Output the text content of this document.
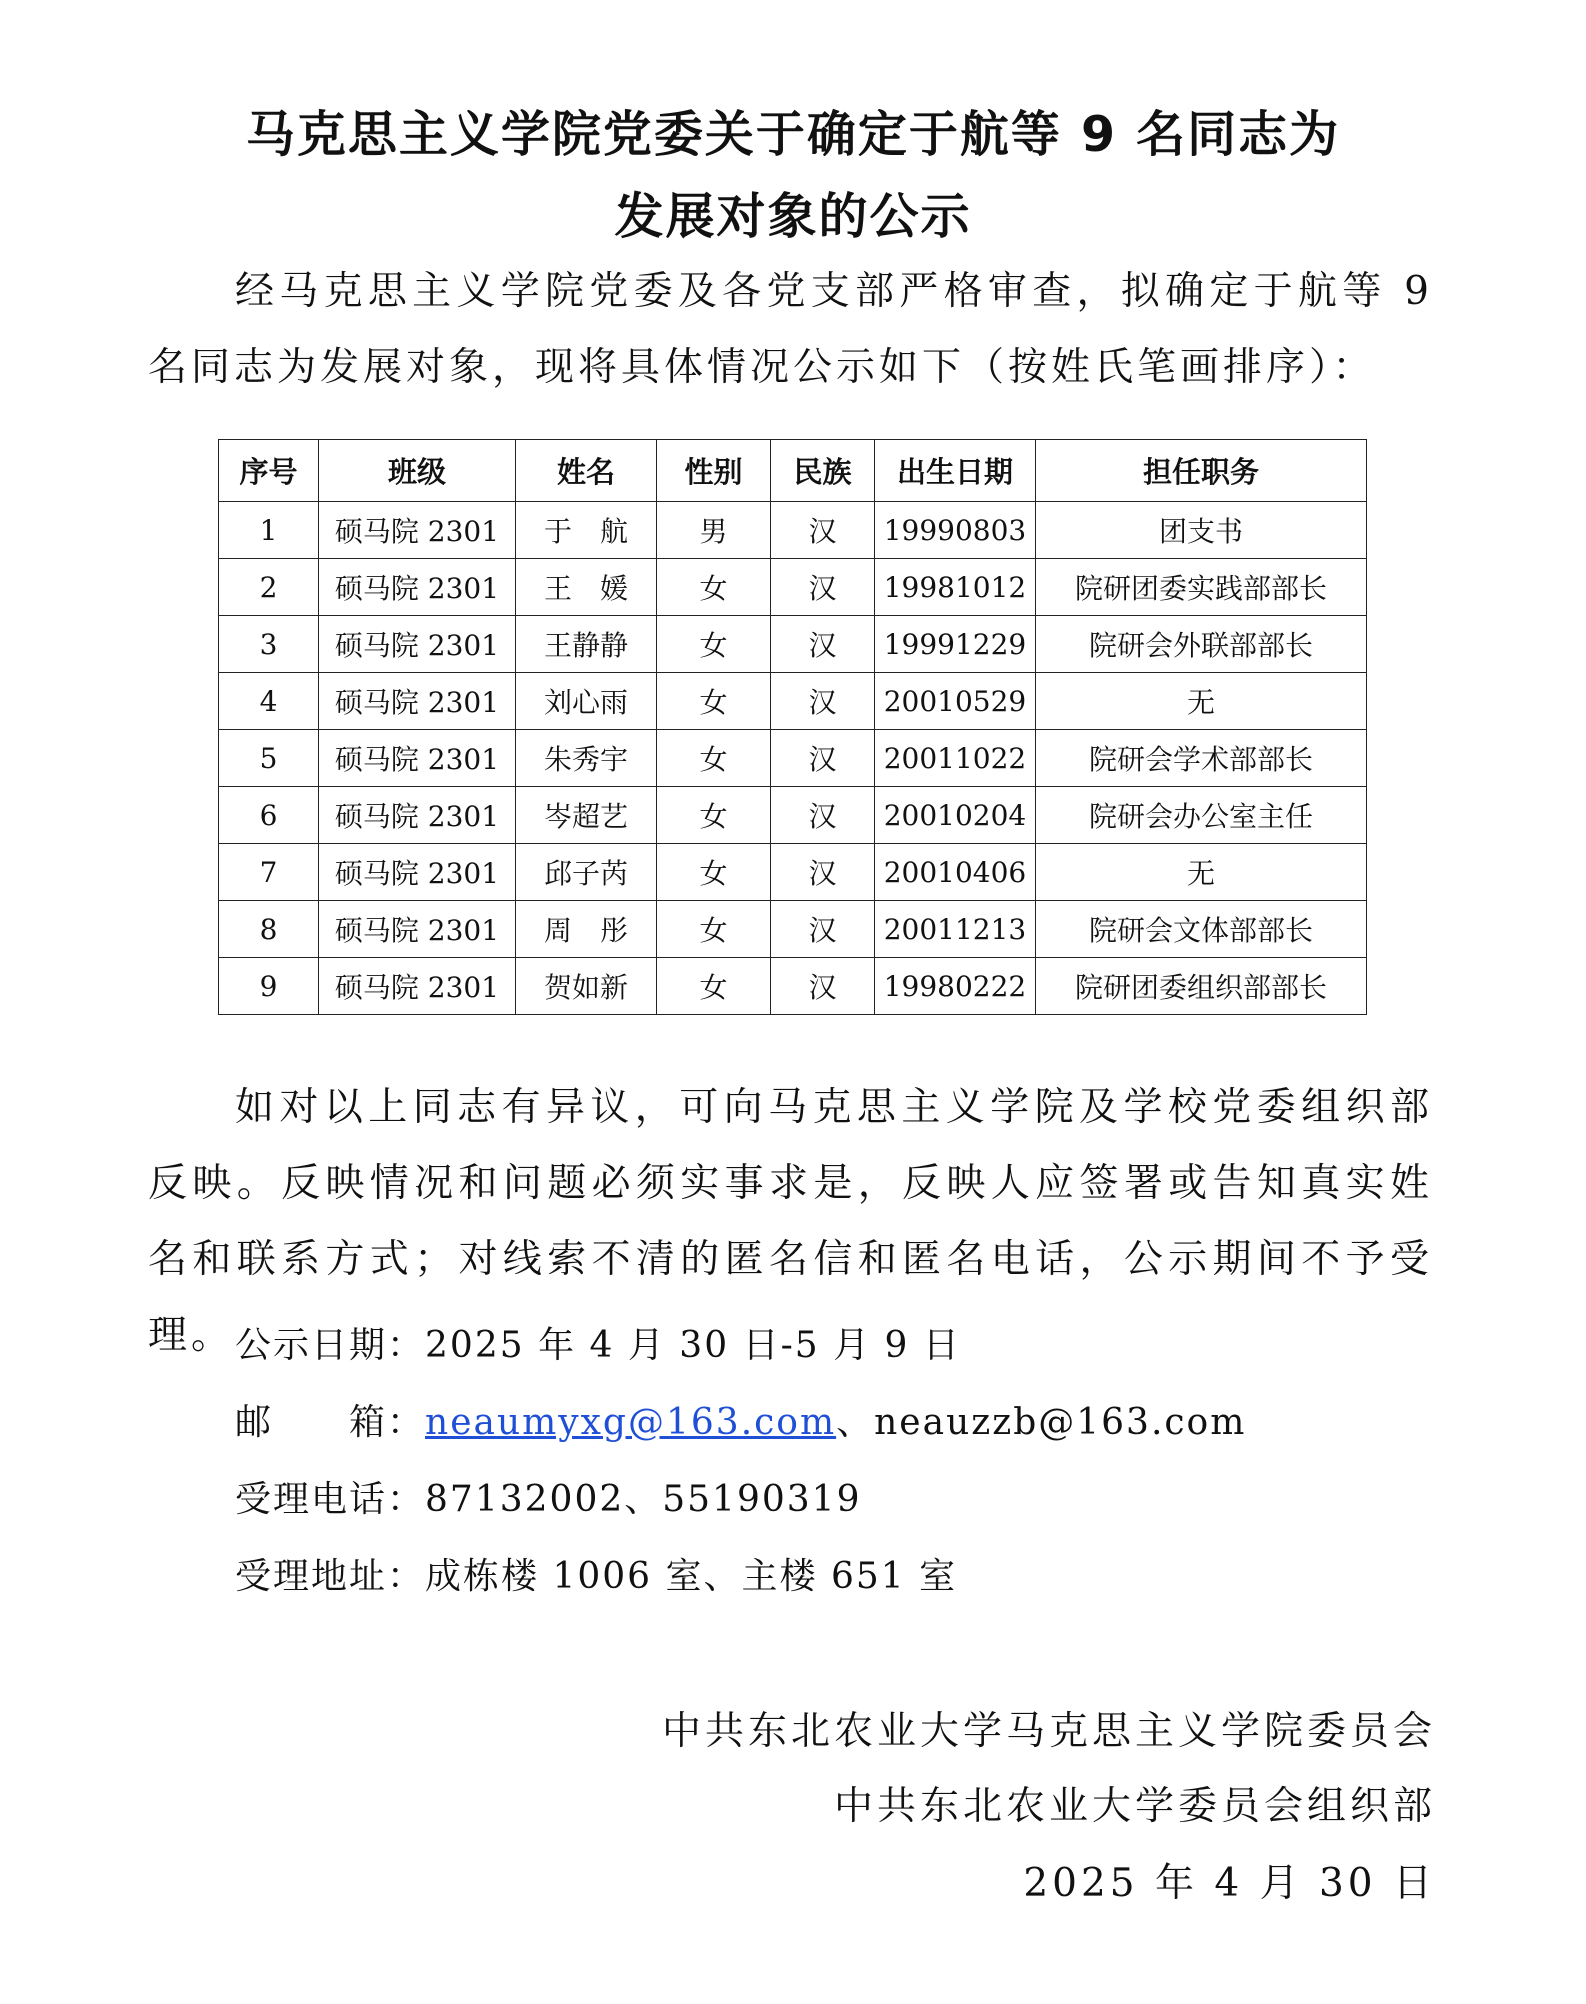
马克思主义学院党委关于确定于航等 9 名同志为
发展对象的公示

经马克思主义学院党委及各党支部严格审查，拟确定于航等 9 名同志为发展对象，现将具体情况公示如下（按姓氏笔画排序）：

序号	班级	姓名	性别	民族	出生日期	担任职务
1	硕马院 2301	于　航	男	汉	19990803	团支书
2	硕马院 2301	王　媛	女	汉	19981012	院研团委实践部部长
3	硕马院 2301	王静静	女	汉	19991229	院研会外联部部长
4	硕马院 2301	刘心雨	女	汉	20010529	无
5	硕马院 2301	朱秀宇	女	汉	20011022	院研会学术部部长
6	硕马院 2301	岑超艺	女	汉	20010204	院研会办公室主任
7	硕马院 2301	邱子芮	女	汉	20010406	无
8	硕马院 2301	周　彤	女	汉	20011213	院研会文体部部长
9	硕马院 2301	贺如新	女	汉	19980222	院研团委组织部部长

如对以上同志有异议，可向马克思主义学院及学校党委组织部反映。反映情况和问题必须实事求是，反映人应签署或告知真实姓名和联系方式；对线索不清的匿名信和匿名电话，公示期间不予受理。 公示日期：2025 年 4 月 30 日-5 月 9 日
邮　　箱：neaumyxg@163.com、neauzzb@163.com
受理电话：87132002、55190319
受理地址：成栋楼 1006 室、主楼 651 室
中共东北农业大学马克思主义学院委员会
中共东北农业大学委员会组织部
2025 年 4 月 30 日
